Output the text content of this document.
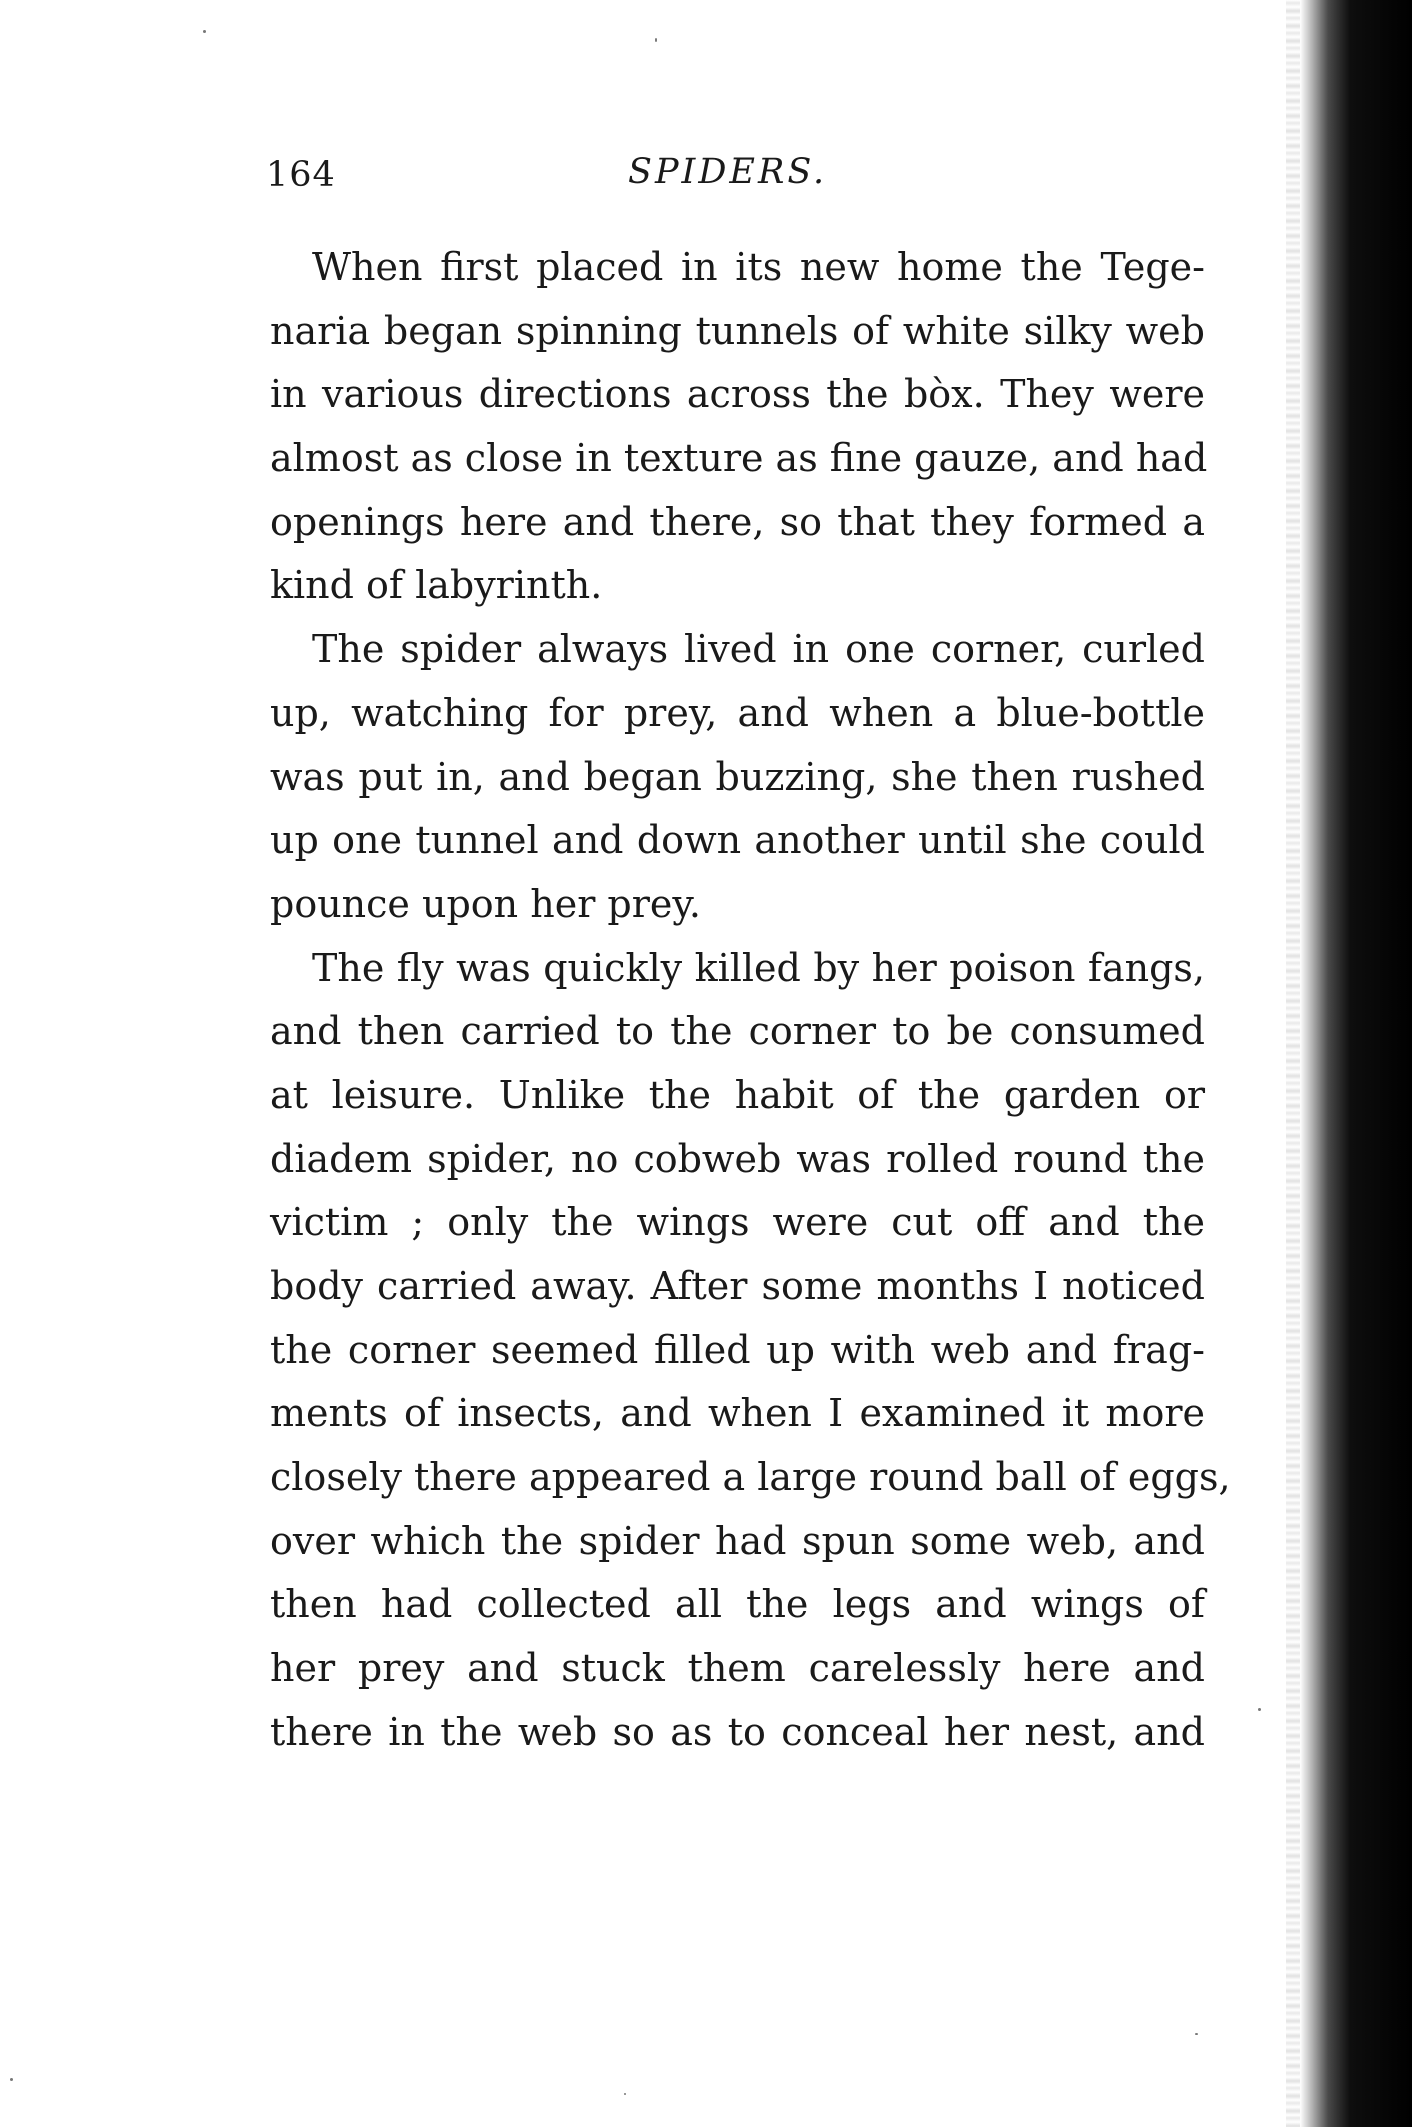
164	SPIDERS.
When first placed in its new home the Tege-
naria began spinning tunnels of white silky web
in various directions across the bòx. They were
almost as close in texture as fine gauze, and had
openings here and there, so that they formed a
kind of labyrinth.
The spider always lived in one corner, curled
up, watching for prey, and when a blue-bottle
was put in, and began buzzing, she then rushed
up one tunnel and down another until she could
pounce upon her prey.
The fly was quickly killed by her poison fangs,
and then carried to the corner to be consumed
at leisure. Unlike the habit of the garden or
diadem spider, no cobweb was rolled round the
victim ; only the wings were cut off and the
body carried away. After some months I noticed
the corner seemed filled up with web and frag-
ments of insects, and when I examined it more
closely there appeared a large round ball of eggs,
over which the spider had spun some web, and
then had collected all the legs and wings of
her prey and stuck them carelessly here and
there in the web so as to conceal her nest, and
